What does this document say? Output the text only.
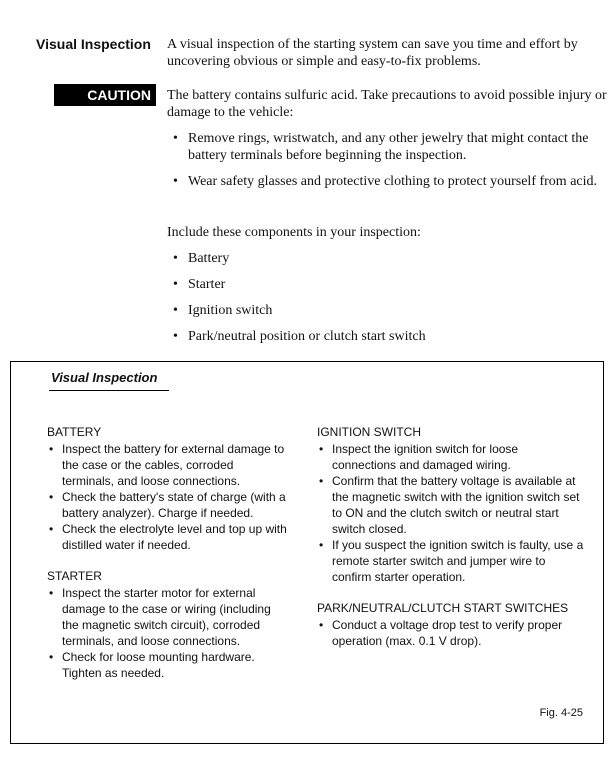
Visual Inspection A visual inspection of the starting system can save you time and effort by uncovering obvious or simple and easy-to-fix problems.

CAUTION	The battery contains sulfuric acid. Take precautions to avoid possible injury or damage to the vehicle:

• Remove rings, wristwatch, and any other jewelry that might contact the battery terminals before beginning the inspection.
• Wear safety glasses and protective clothing to protect yourself from acid.

Include these components in your inspection:

• Battery
• Starter
• Ignition switch
• Park/neutral position or clutch start switch
Visual Inspection
BATTERY
• Inspect the battery for external damage to the case or the cables, corroded terminals, and loose connections.
• Check the battery's state of charge (with a battery analyzer). Charge if needed.
• Check the electrolyte level and top up with distilled water if needed.
STARTER
• Inspect the starter motor for external damage to the case or wiring (including the magnetic switch circuit), corroded terminals, and loose connections.
• Check for loose mounting hardware. Tighten as needed.
IGNITION SWITCH
• Inspect the ignition switch for loose connections and damaged wiring.
• Confirm that the battery voltage is available at the magnetic switch with the ignition switch set to ON and the clutch switch or neutral start switch closed.
• If you suspect the ignition switch is faulty, use a remote starter switch and jumper wire to confirm starter operation.
PARK/NEUTRAL/CLUTCH START SWITCHES
• Conduct a voltage drop test to verify proper operation (max. 0.1 V drop).
Fig. 4-25
